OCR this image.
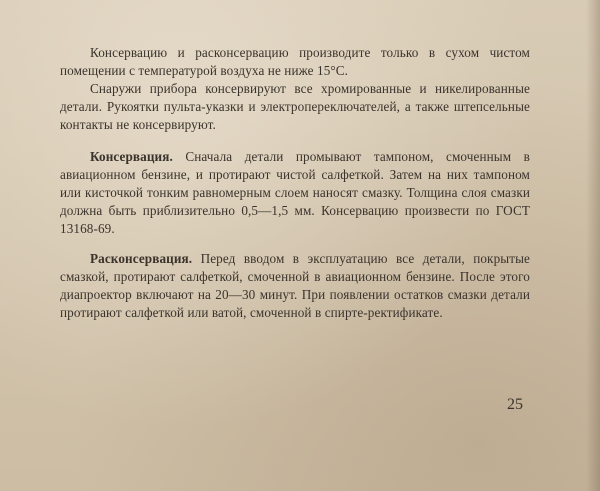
Консервацию и расконсервацию производите только в сухом чистом помещении с температурой воздуха не ниже 15°С.

Снаружи прибора консервируют все хромированные и никелированные детали. Рукоятки пульта-указки и электропереключателей, а также штепсельные контакты не консервируют.

Консервация. Сначала детали промывают тампоном, смоченным в авиационном бензине, и протирают чистой салфеткой. Затем на них тампоном или кисточкой тонким равномерным слоем наносят смазку. Толщина слоя смазки должна быть приблизительно 0,5—1,5 мм. Консервацию произвести по ГОСТ 13168-69.

Расконсервация. Перед вводом в эксплуатацию все детали, покрытые смазкой, протирают салфеткой, смоченной в авиационном бензине. После этого диапроектор включают на 20—30 минут. При появлении остатков смазки детали протирают салфеткой или ватой, смоченной в спирте-ректификате.

25
